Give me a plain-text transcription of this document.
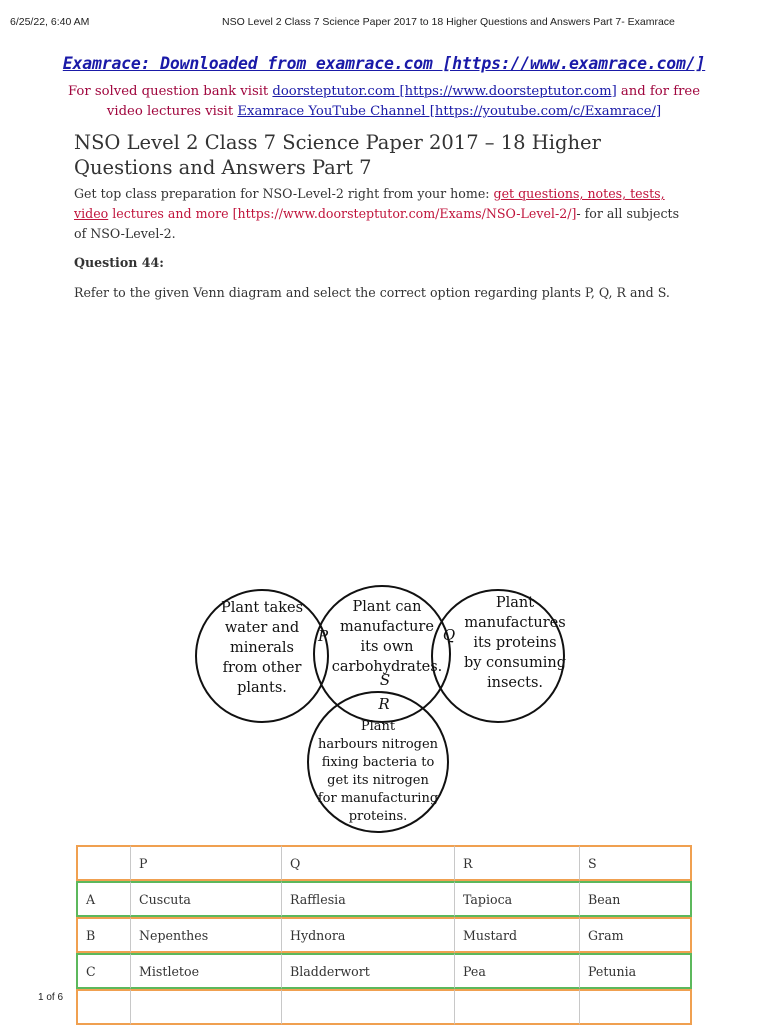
6/25/22, 6:40 AM	NSO Level 2 Class 7 Science Paper 2017 to 18 Higher Questions and Answers Part 7- Examrace
Examrace: Downloaded from examrace.com [https://www.examrace.com/]
For solved question bank visit doorsteptutor.com [https://www.doorsteptutor.com] and for free video lectures visit Examrace YouTube Channel [https://youtube.com/c/Examrace/]
NSO Level 2 Class 7 Science Paper 2017 – 18 Higher Questions and Answers Part 7
Get top class preparation for NSO-Level-2 right from your home: get questions, notes, tests, video lectures and more [https://www.doorsteptutor.com/Exams/NSO-Level-2/]- for all subjects of NSO-Level-2.
Question 44:
Refer to the given Venn diagram and select the correct option regarding plants P, Q, R and S.
Plant takes
water and
minerals
from other
plants.
Plant can
manufacture
its own
carbohydrates.
Plant
manufactures
its proteins
by consuming
insects.
Plant
harbours nitrogen
fixing bacteria to
get its nitrogen
for manufacturing
proteins.
P	Q
R
S
	P	Q	R	S
A	Cuscuta	Rafflesia	Tapioca	Bean
B	Nepenthes	Hydnora	Mustard	Gram
C	Mistletoe	Bladderwort	Pea	Petunia

1 of 6
